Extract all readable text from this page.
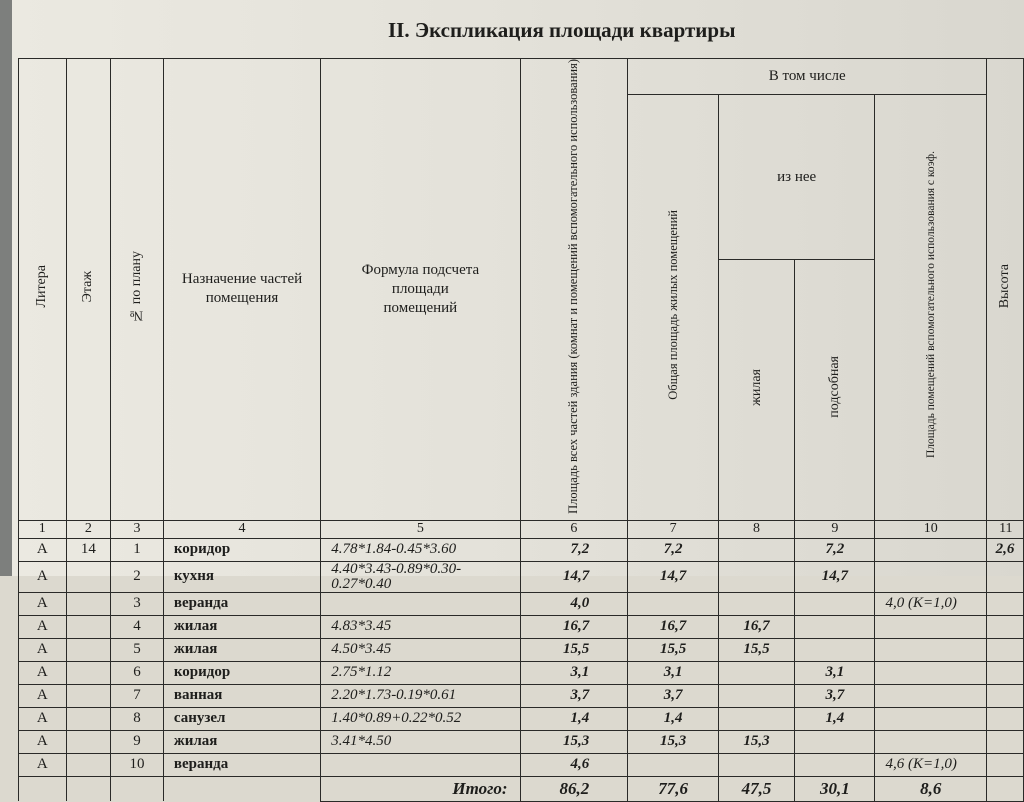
II. Экспликация площади квартиры
Литера	Этаж	№ по плану	Назначение частей помещения	Формула подсчета площади помещений	Площадь всех частей здания (комнат и помещений вспомогательного использования)	В том числе				Высота
						Общая площадь жилых помещений	из нее		Площадь помещений вспомогательного использования с коэф.	
							жилая	подсобная		
1	2	3	4	5	6	7	8	9	10	11
А	14	1	коридор	4.78*1.84-0.45*3.60	7,2	7,2		7,2		2,6
А		2	кухня	4.40*3.43-0.89*0.30-0.27*0.40	14,7	14,7		14,7		
А		3	веранда		4,0				4,0 (К=1,0)	
А		4	жилая	4.83*3.45	16,7	16,7	16,7			
А		5	жилая	4.50*3.45	15,5	15,5	15,5			
А		6	коридор	2.75*1.12	3,1	3,1		3,1		
А		7	ванная	2.20*1.73-0.19*0.61	3,7	3,7		3,7		
А		8	санузел	1.40*0.89+0.22*0.52	1,4	1,4		1,4		
А		9	жилая	3.41*4.50	15,3	15,3	15,3			
А		10	веранда		4,6				4,6 (К=1,0)	
				Итого:	86,2	77,6	47,5	30,1	8,6	
